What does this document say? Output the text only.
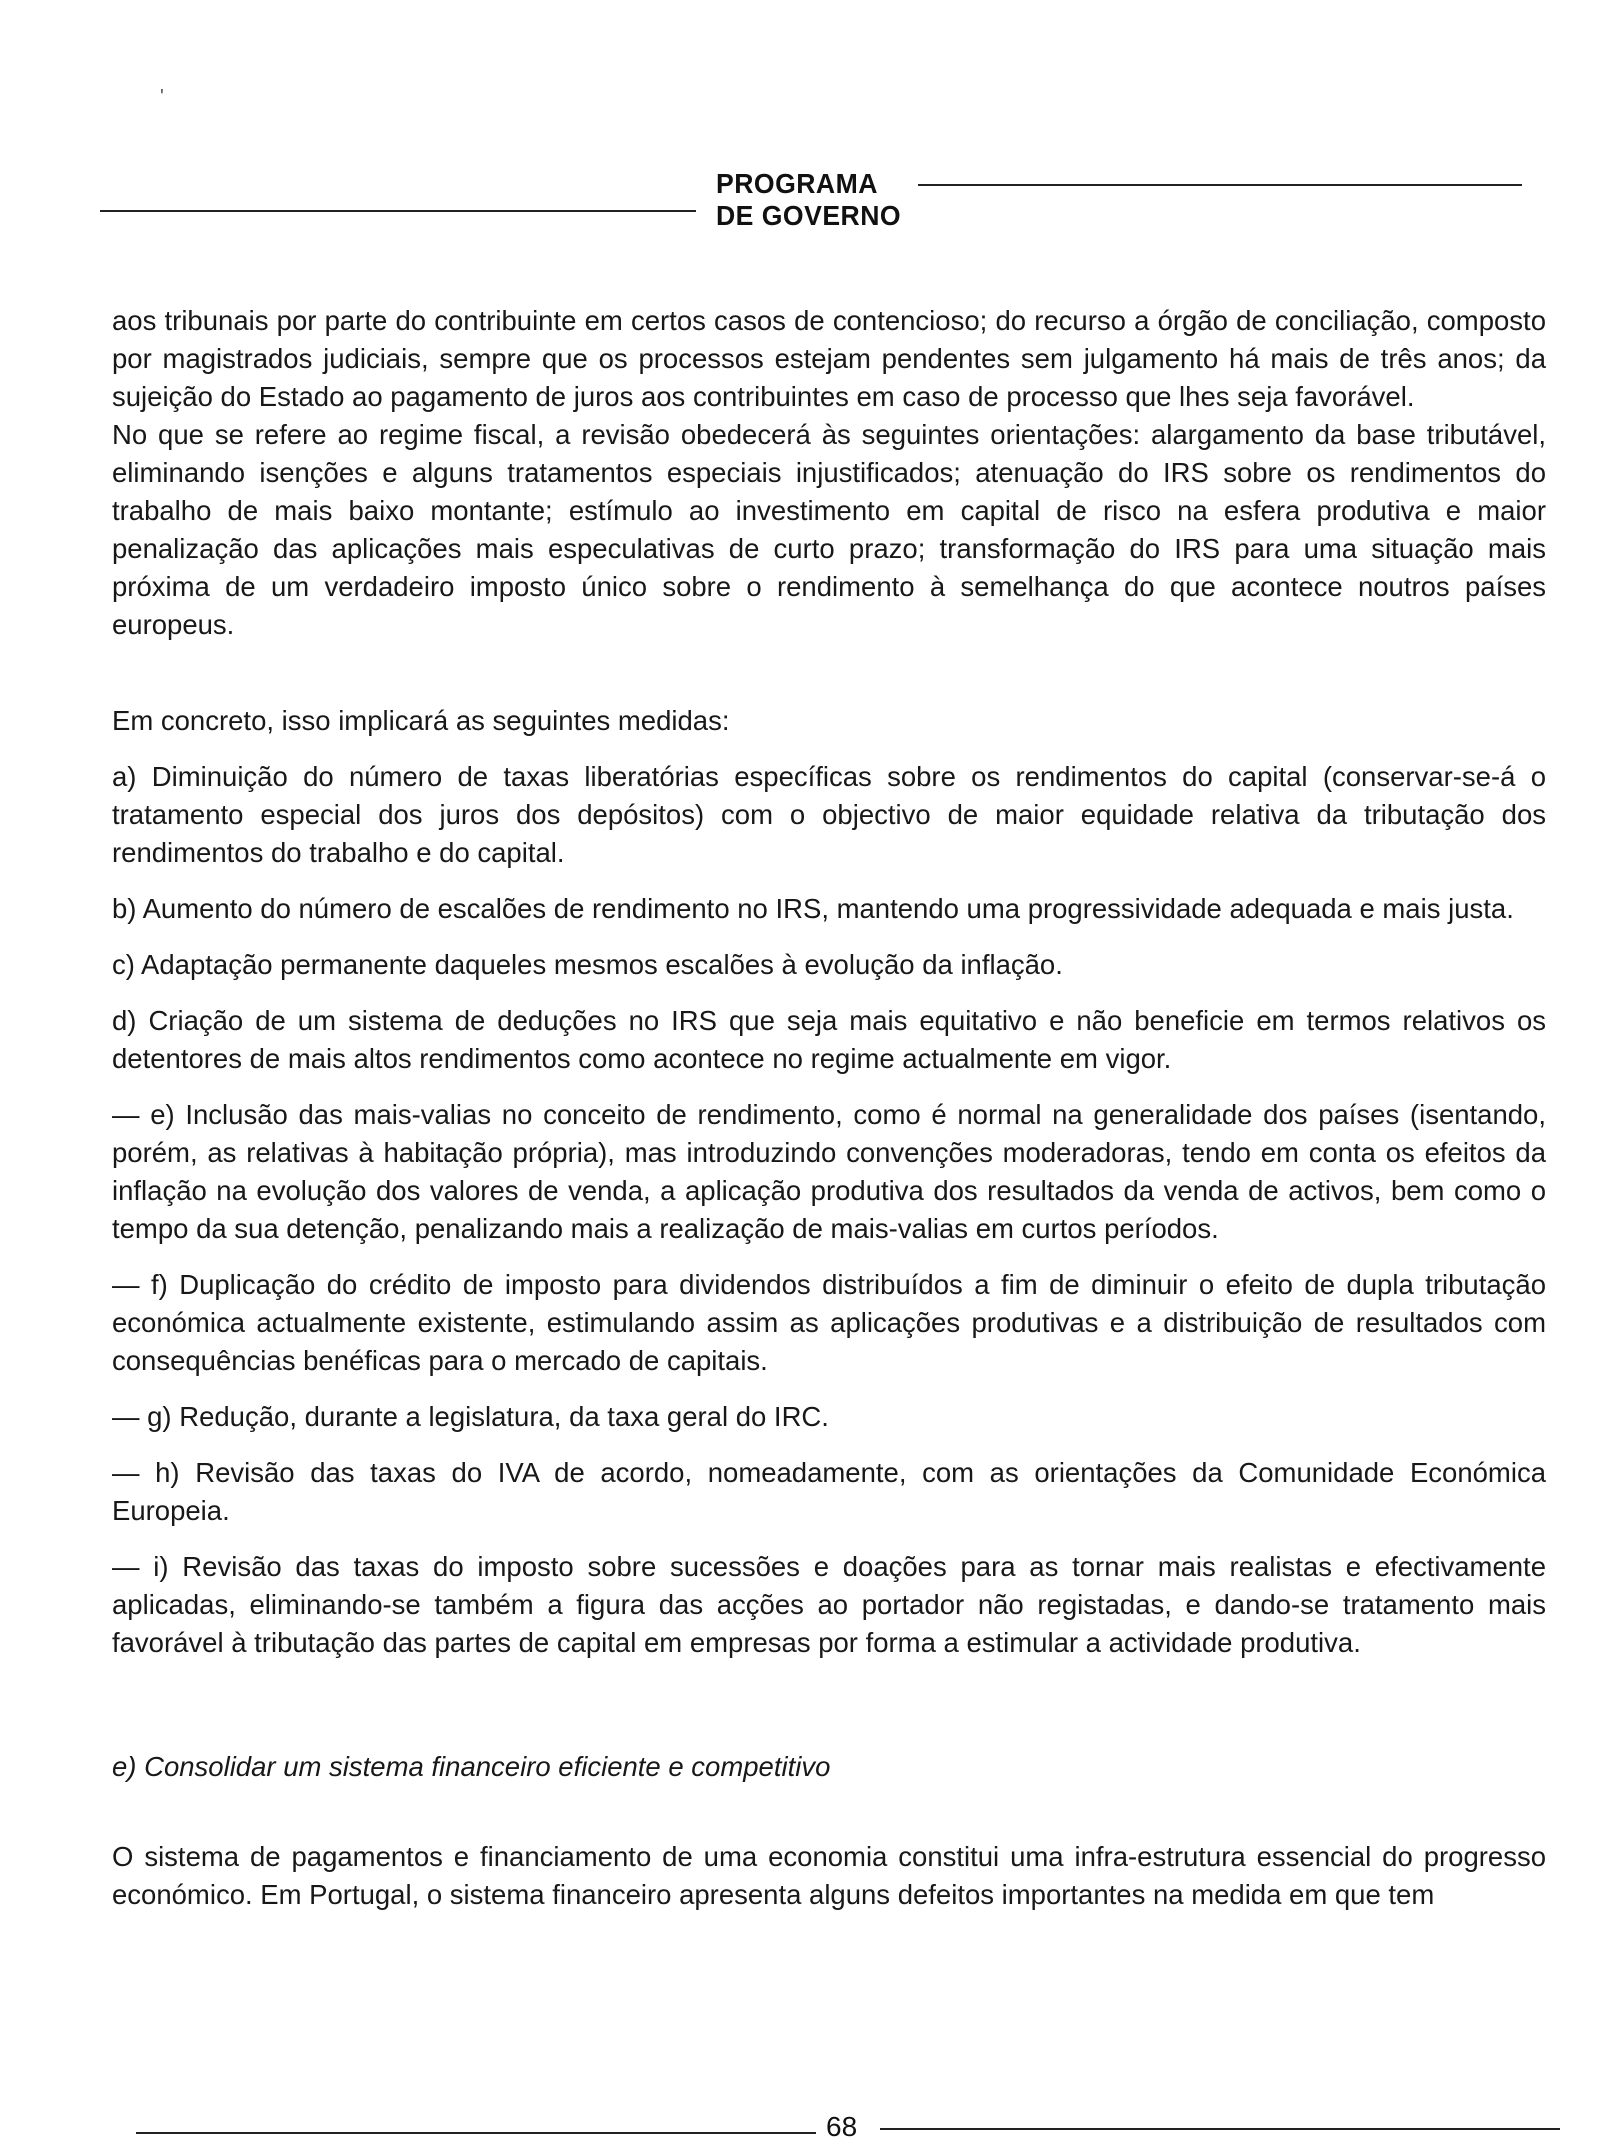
'
PROGRAMA
DE GOVERNO

aos tribunais por parte do contribuinte em certos casos de contencioso; do recurso a órgão de conciliação, composto por magistrados judiciais, sempre que os processos estejam pendentes sem julgamento há mais de três anos; da sujeição do Estado ao pagamento de juros aos contribuintes em caso de processo que lhes seja favorável.

No que se refere ao regime fiscal, a revisão obedecerá às seguintes orientações: alargamento da base tributável, eliminando isenções e alguns tratamentos especiais injustificados; atenuação do IRS sobre os rendimentos do trabalho de mais baixo montante; estímulo ao investimento em capital de risco na esfera produtiva e maior penalização das aplicações mais especulativas de curto prazo; transformação do IRS para uma situação mais próxima de um verdadeiro imposto único sobre o rendimento à semelhança do que acontece noutros países europeus.

Em concreto, isso implicará as seguintes medidas:

a) Diminuição do número de taxas liberatórias específicas sobre os rendimentos do capital (conservar-se-á o tratamento especial dos juros dos depósitos) com o objectivo de maior equidade relativa da tributação dos rendimentos do trabalho e do capital.

b) Aumento do número de escalões de rendimento no IRS, mantendo uma progressividade adequada e mais justa.

c) Adaptação permanente daqueles mesmos escalões à evolução da inflação.

d) Criação de um sistema de deduções no IRS que seja mais equitativo e não beneficie em termos relativos os detentores de mais altos rendimentos como acontece no regime actualmente em vigor.

— e) Inclusão das mais-valias no conceito de rendimento, como é normal na generalidade dos países (isentando, porém, as relativas à habitação própria), mas introduzindo convenções moderadoras, tendo em conta os efeitos da inflação na evolução dos valores de venda, a aplicação produtiva dos resultados da venda de activos, bem como o tempo da sua detenção, penalizando mais a realização de mais-valias em curtos períodos.

— f) Duplicação do crédito de imposto para dividendos distribuídos a fim de diminuir o efeito de dupla tributação económica actualmente existente, estimulando assim as aplicações produtivas e a distribuição de resultados com consequências benéficas para o mercado de capitais.

— g) Redução, durante a legislatura, da taxa geral do IRC.

— h) Revisão das taxas do IVA de acordo, nomeadamente, com as orientações da Comunidade Económica Europeia.

— i) Revisão das taxas do imposto sobre sucessões e doações para as tornar mais realistas e efectivamente aplicadas, eliminando-se também a figura das acções ao portador não registadas, e dando-se tratamento mais favorável à tributação das partes de capital em empresas por forma a estimular a actividade produtiva.

e) Consolidar um sistema financeiro eficiente e competitivo

O sistema de pagamentos e financiamento de uma economia constitui uma infra-estrutura essencial do progresso económico. Em Portugal, o sistema financeiro apresenta alguns defeitos importantes na medida em que tem

68
